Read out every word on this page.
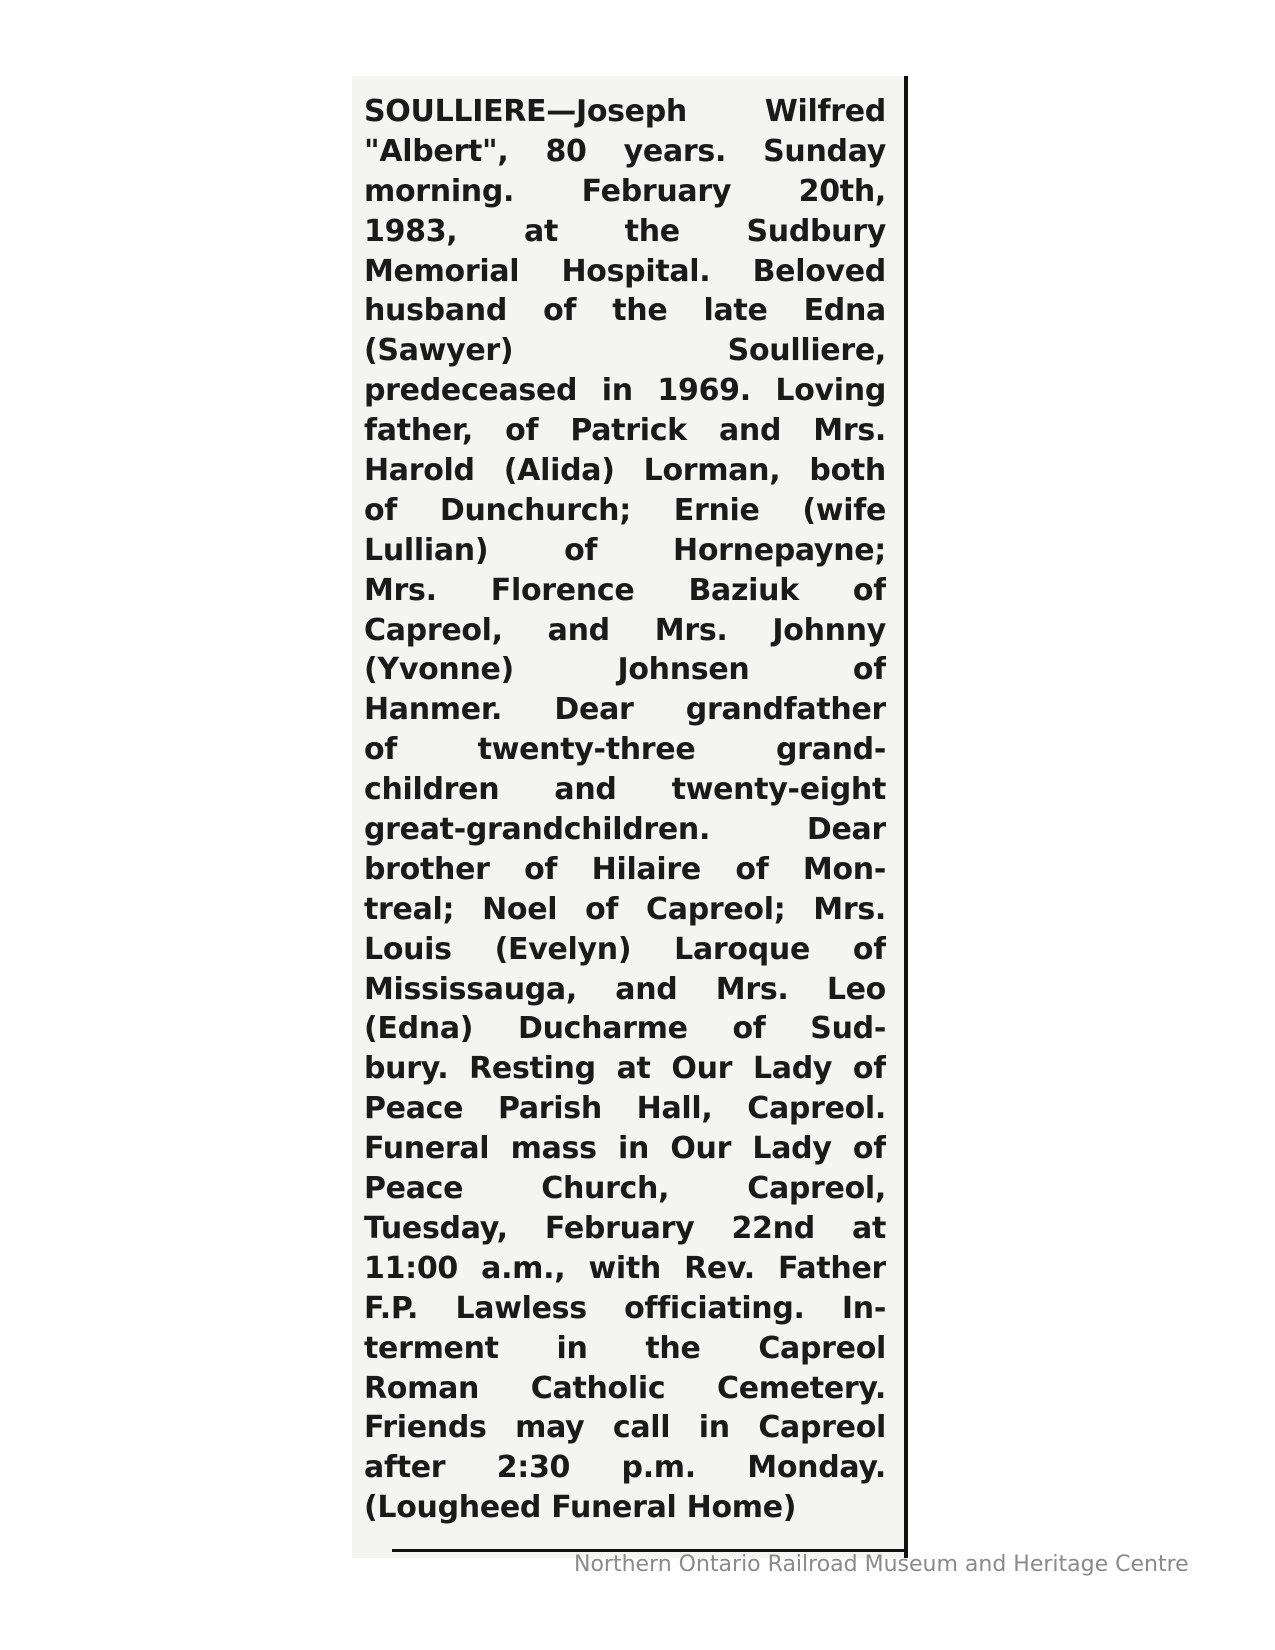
SOULLIERE—Joseph Wilfred
"Albert", 80 years. Sunday
morning. February 20th,
1983, at the Sudbury
Memorial Hospital. Beloved
husband of the late Edna
(Sawyer) Soulliere,
predeceased in 1969. Loving
father, of Patrick and Mrs.
Harold (Alida) Lorman, both
of Dunchurch; Ernie (wife
Lullian) of Hornepayne;
Mrs. Florence Baziuk of
Capreol, and Mrs. Johnny
(Yvonne) Johnsen of
Hanmer. Dear grandfather
of twenty-three grand-
children and twenty-eight
great-grandchildren. Dear
brother of Hilaire of Mon-
treal; Noel of Capreol; Mrs.
Louis (Evelyn) Laroque of
Mississauga, and Mrs. Leo
(Edna) Ducharme of Sud-
bury. Resting at Our Lady of
Peace Parish Hall, Capreol.
Funeral mass in Our Lady of
Peace Church, Capreol,
Tuesday, February 22nd at
11:00 a.m., with Rev. Father
F.P. Lawless officiating. In-
terment in the Capreol
Roman Catholic Cemetery.
Friends may call in Capreol
after 2:30 p.m. Monday.
(Lougheed Funeral Home)
Northern Ontario Railroad Museum and Heritage Centre
